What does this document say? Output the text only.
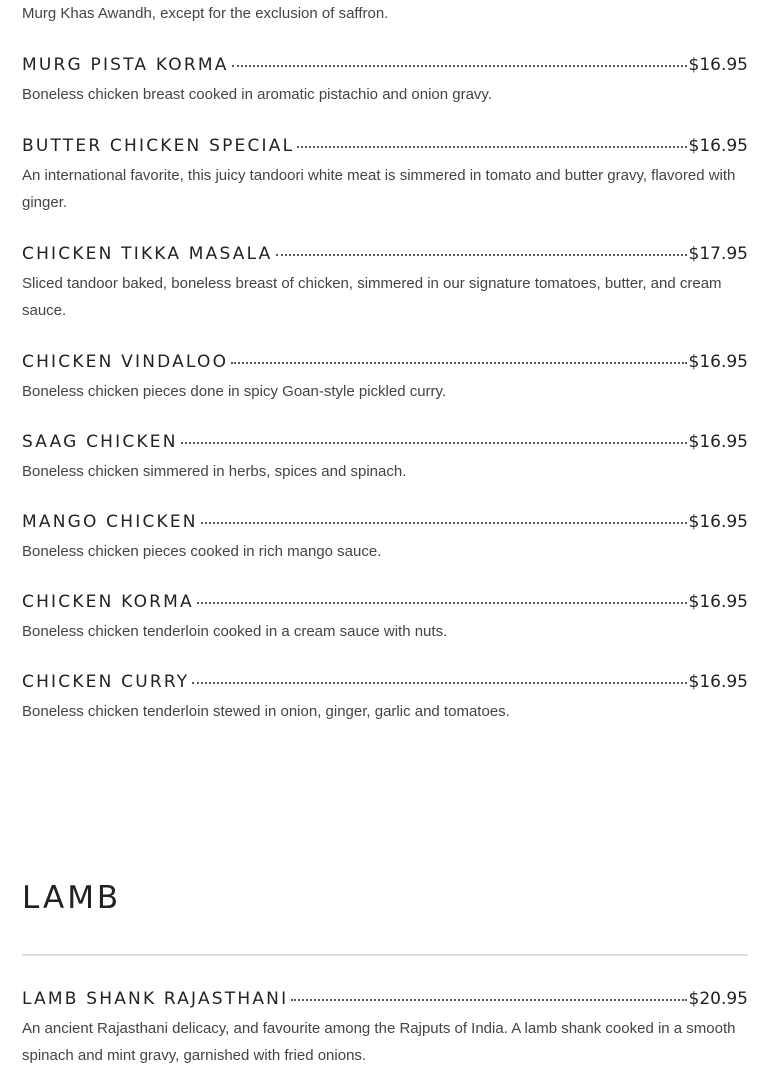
Murg Khas Awandh, except for the exclusion of saffron.
MURG PISTA KORMA	$16.95
Boneless chicken breast cooked in aromatic pistachio and onion gravy.
BUTTER CHICKEN SPECIAL	$16.95
An international favorite, this juicy tandoori white meat is simmered in tomato and butter gravy, flavored with ginger.
CHICKEN TIKKA MASALA	$17.95
Sliced tandoor baked, boneless breast of chicken, simmered in our signature tomatoes, butter, and cream sauce.
CHICKEN VINDALOO	$16.95
Boneless chicken pieces done in spicy Goan-style pickled curry.
SAAG CHICKEN	$16.95
Boneless chicken simmered in herbs, spices and spinach.
MANGO CHICKEN	$16.95
Boneless chicken pieces cooked in rich mango sauce.
CHICKEN KORMA	$16.95
Boneless chicken tenderloin cooked in a cream sauce with nuts.
CHICKEN CURRY	$16.95
Boneless chicken tenderloin stewed in onion, ginger, garlic and tomatoes.
LAMB
LAMB SHANK RAJASTHANI	$20.95
An ancient Rajasthani delicacy, and favourite among the Rajputs of India. A lamb shank cooked in a smooth spinach and mint gravy, garnished with fried onions.
